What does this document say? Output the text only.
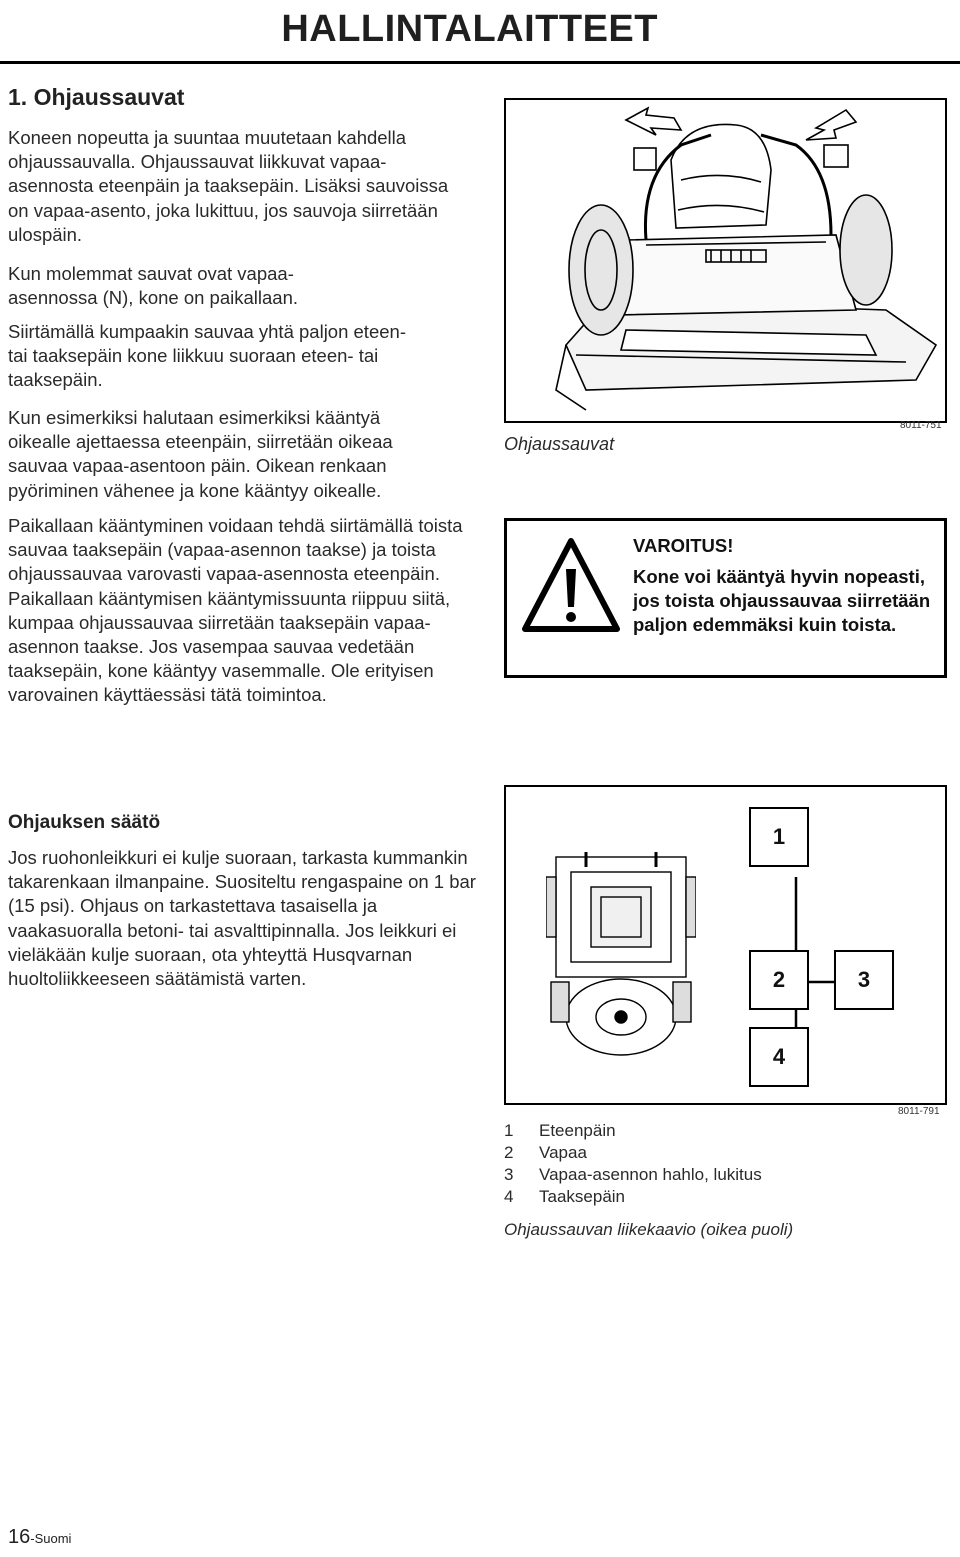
HALLINTALAITTEET
1. Ohjaussauvat

Koneen nopeutta ja suuntaa muutetaan kahdella ohjaussauvalla. Ohjaussauvat liikkuvat vapaa-asennosta eteenpäin ja taaksepäin. Lisäksi sauvoissa on vapaa-asento, joka lukittuu, jos sauvoja siirretään ulospäin.

Kun molemmat sauvat ovat vapaa-asennossa (N), kone on paikallaan.

Siirtämällä kumpaakin sauvaa yhtä paljon eteen- tai taaksepäin kone liikkuu suoraan eteen- tai taaksepäin.

Kun esimerkiksi halutaan esimerkiksi kääntyä oikealle ajettaessa eteenpäin, siirretään oikeaa sauvaa vapaa-asentoon päin. Oikean renkaan pyöriminen vähenee ja kone kääntyy oikealle.

Paikallaan kääntyminen voidaan tehdä siirtämällä toista sauvaa taaksepäin (vapaa-asennon taakse) ja toista ohjaussauvaa varovasti vapaa-asennosta eteenpäin. Paikallaan kääntymisen kääntymissuunta riippuu siitä, kumpaa ohjaussauvaa siirretään taaksepäin vapaa-asennon taakse. Jos vasempaa sauvaa vedetään taaksepäin, kone kääntyy vasemmalle. Ole erityisen varovainen käyttäessäsi tätä toimintoa.

Ohjaussauvat
8011-751
VAROITUS!
Kone voi kääntyä hyvin nopeasti, jos toista ohjaussauvaa siirretään paljon edemmäksi kuin toista.
Ohjauksen säätö
Jos ruohonleikkuri ei kulje suoraan, tarkasta kummankin takarenkaan ilmanpaine. Suositeltu rengaspaine on 1 bar (15 psi). Ohjaus on tarkastettava tasaisella ja vaakasuoralla betoni- tai asvalttipinnalla. Jos leikkuri ei vieläkään kulje suoraan, ota yhteyttä Husqvarnan huoltoliikkeeseen säätämistä varten.
1
2	3
4
8011-791
1	Eteenpäin
2	Vapaa
3	Vapaa-asennon hahlo, lukitus
4	Taaksepäin
Ohjaussauvan liikekaavio (oikea puoli)
16-Suomi
